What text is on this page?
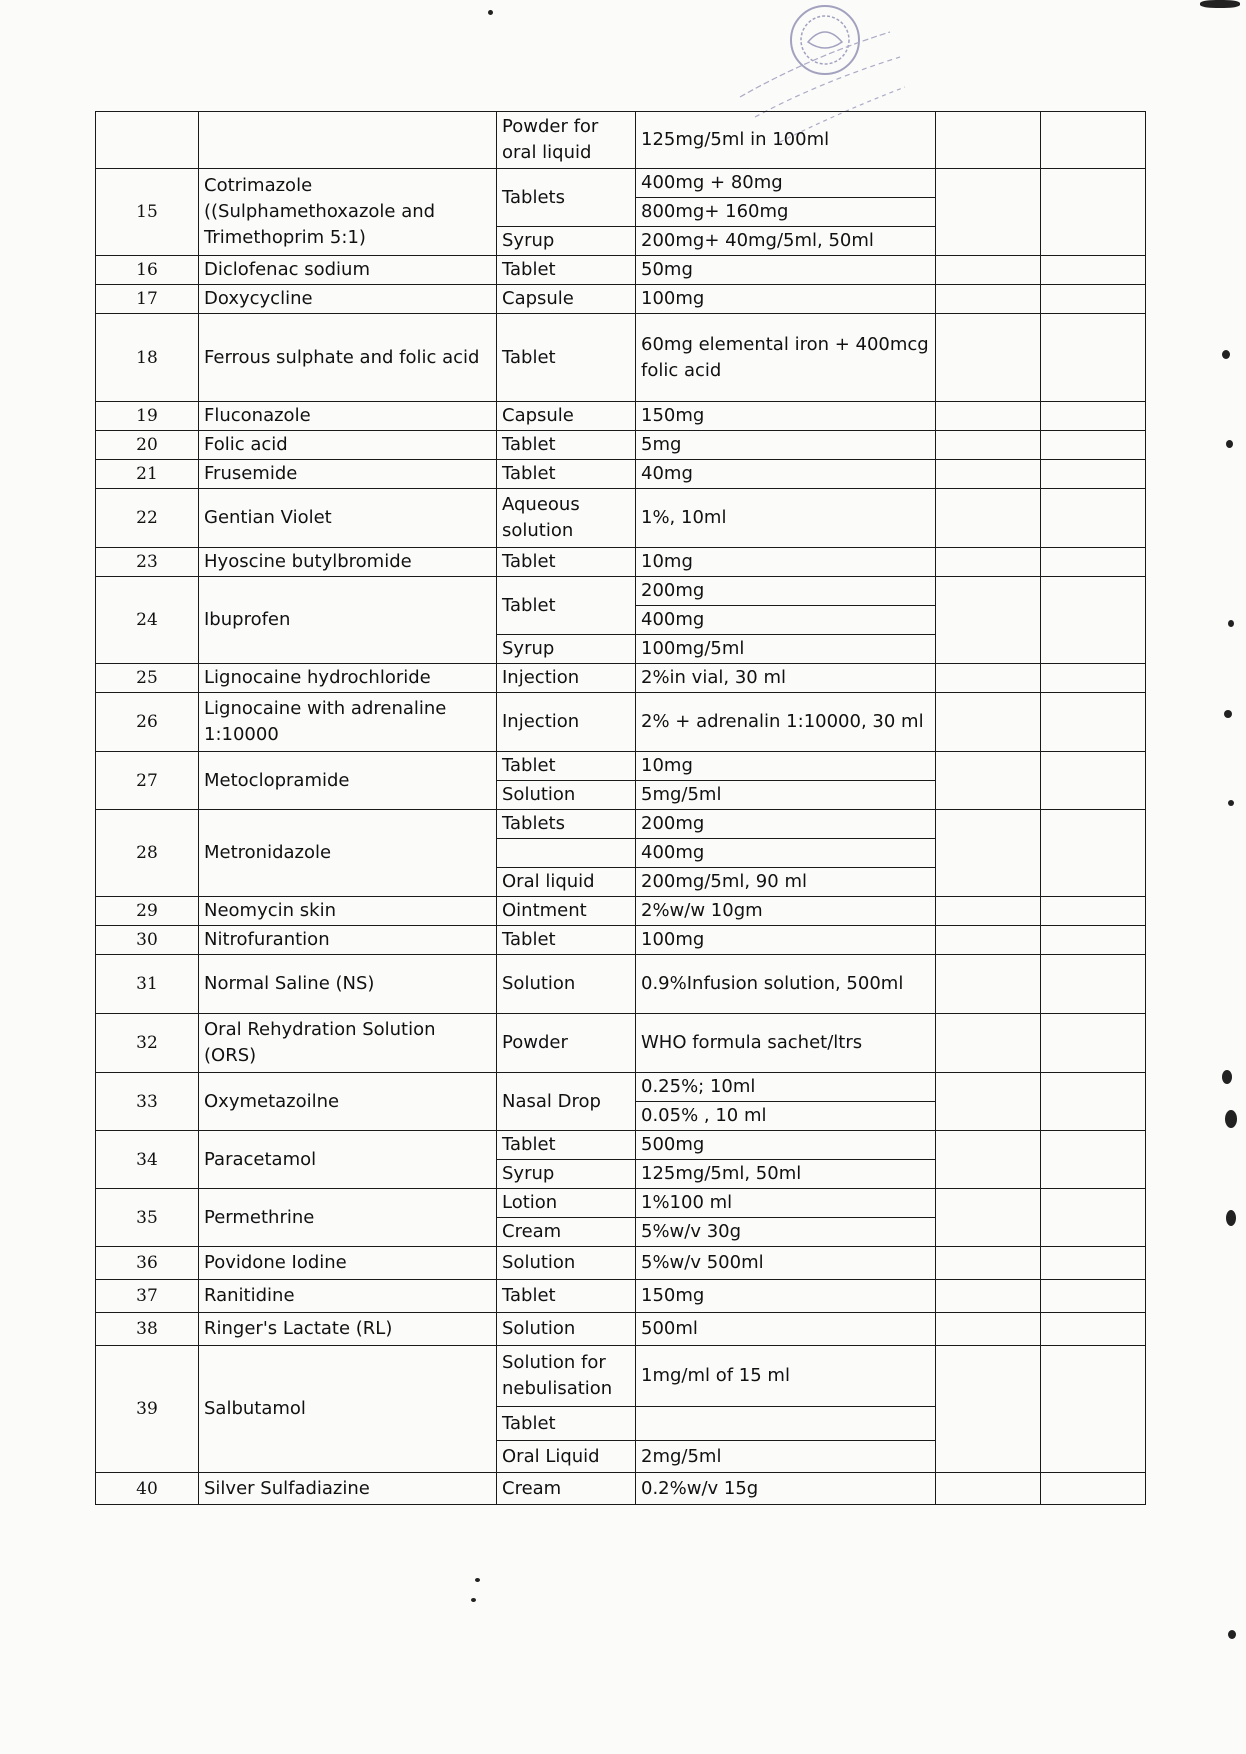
		Powder for oral liquid	125mg/5ml in 100ml		
15	Cotrimazole ((Sulphamethoxazole and Trimethoprim 5:1)	Tablets	400mg + 80mg		
			800mg+ 160mg		
		Syrup	200mg+ 40mg/5ml, 50ml		
16	Diclofenac sodium	Tablet	50mg		
17	Doxycycline	Capsule	100mg		
18	Ferrous sulphate and folic acid	Tablet	60mg elemental iron + 400mcg folic acid		
19	Fluconazole	Capsule	150mg		
20	Folic acid	Tablet	5mg		
21	Frusemide	Tablet	40mg		
22	Gentian Violet	Aqueous solution	1%, 10ml		
23	Hyoscine butylbromide	Tablet	10mg		
24	Ibuprofen	Tablet	200mg		
			400mg		
		Syrup	100mg/5ml		
25	Lignocaine hydrochloride	Injection	2%in vial, 30 ml		
26	Lignocaine with adrenaline 1:10000	Injection	2% + adrenalin 1:10000, 30 ml		
27	Metoclopramide	Tablet	10mg		
		Solution	5mg/5ml		
28	Metronidazole	Tablets	200mg		
			400mg		
		Oral liquid	200mg/5ml, 90 ml		
29	Neomycin skin	Ointment	2%w/w 10gm		
30	Nitrofurantion	Tablet	100mg		
31	Normal Saline (NS)	Solution	0.9%Infusion solution, 500ml		
32	Oral Rehydration Solution (ORS)	Powder	WHO formula sachet/ltrs		
33	Oxymetazoilne	Nasal Drop	0.25%; 10ml		
			0.05% , 10 ml		
34	Paracetamol	Tablet	500mg		
		Syrup	125mg/5ml, 50ml		
35	Permethrine	Lotion	1%100 ml		
		Cream	5%w/v 30g		
36	Povidone Iodine	Solution	5%w/v 500ml		
37	Ranitidine	Tablet	150mg		
38	Ringer's Lactate (RL)	Solution	500ml		
39	Salbutamol	Solution for nebulisation	1mg/ml of 15 ml		
		Tablet			
		Oral Liquid	2mg/5ml		
40	Silver Sulfadiazine	Cream	0.2%w/v 15g		
